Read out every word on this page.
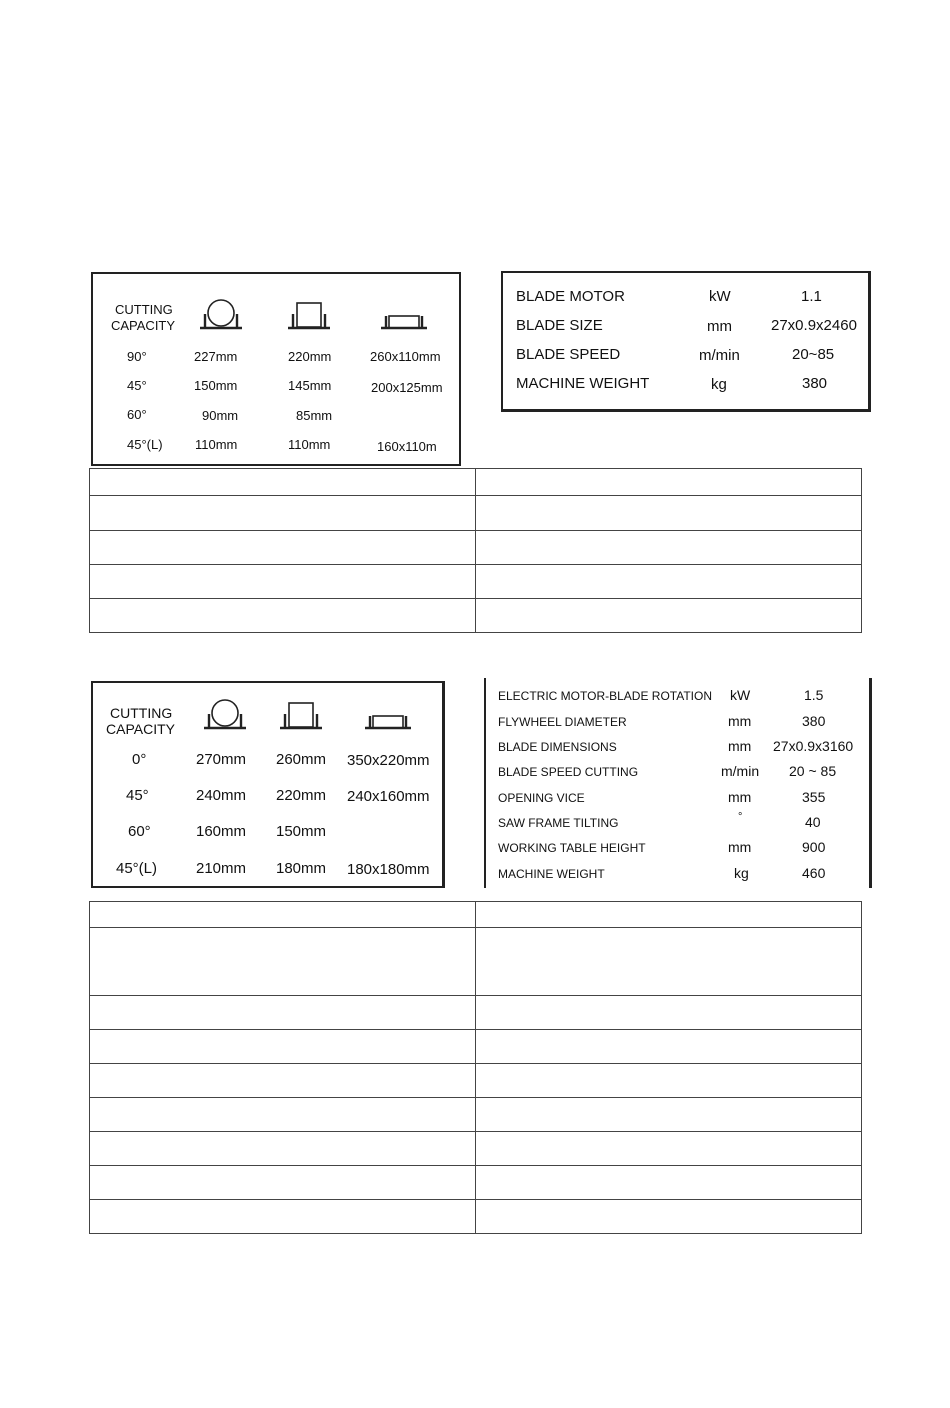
CUTTING
CAPACITY
90°	227mm	220mm	260x110mm
45°	150mm	145mm	200x125mm
60°	90mm	85mm
45°(L) 110mm	110mm	160x110m
BLADE MOTOR	kW	1.1
BLADE SIZE	mm	27x0.9x2460
BLADE SPEED	m/min	20~85
MACHINE WEIGHT	kg	380

CUTTING
CAPACITY
0°	270mm 260mm 350x220mm
45°	240mm 220mm 240x160mm
60°	160mm 150mm
45°(L)	210mm 180mm 180x180mm
ELECTRIC MOTOR-BLADE ROTATION kW	1.5
FLYWHEEL DIAMETER	mm	380
BLADE DIMENSIONS	mm 27x0.9x3160
BLADE SPEED CUTTING	m/min 20 ~ 85
OPENING VICE	mm	355
SAW FRAME TILTING	°	40
WORKING TABLE HEIGHT	mm	900
MACHINE WEIGHT	kg	460
